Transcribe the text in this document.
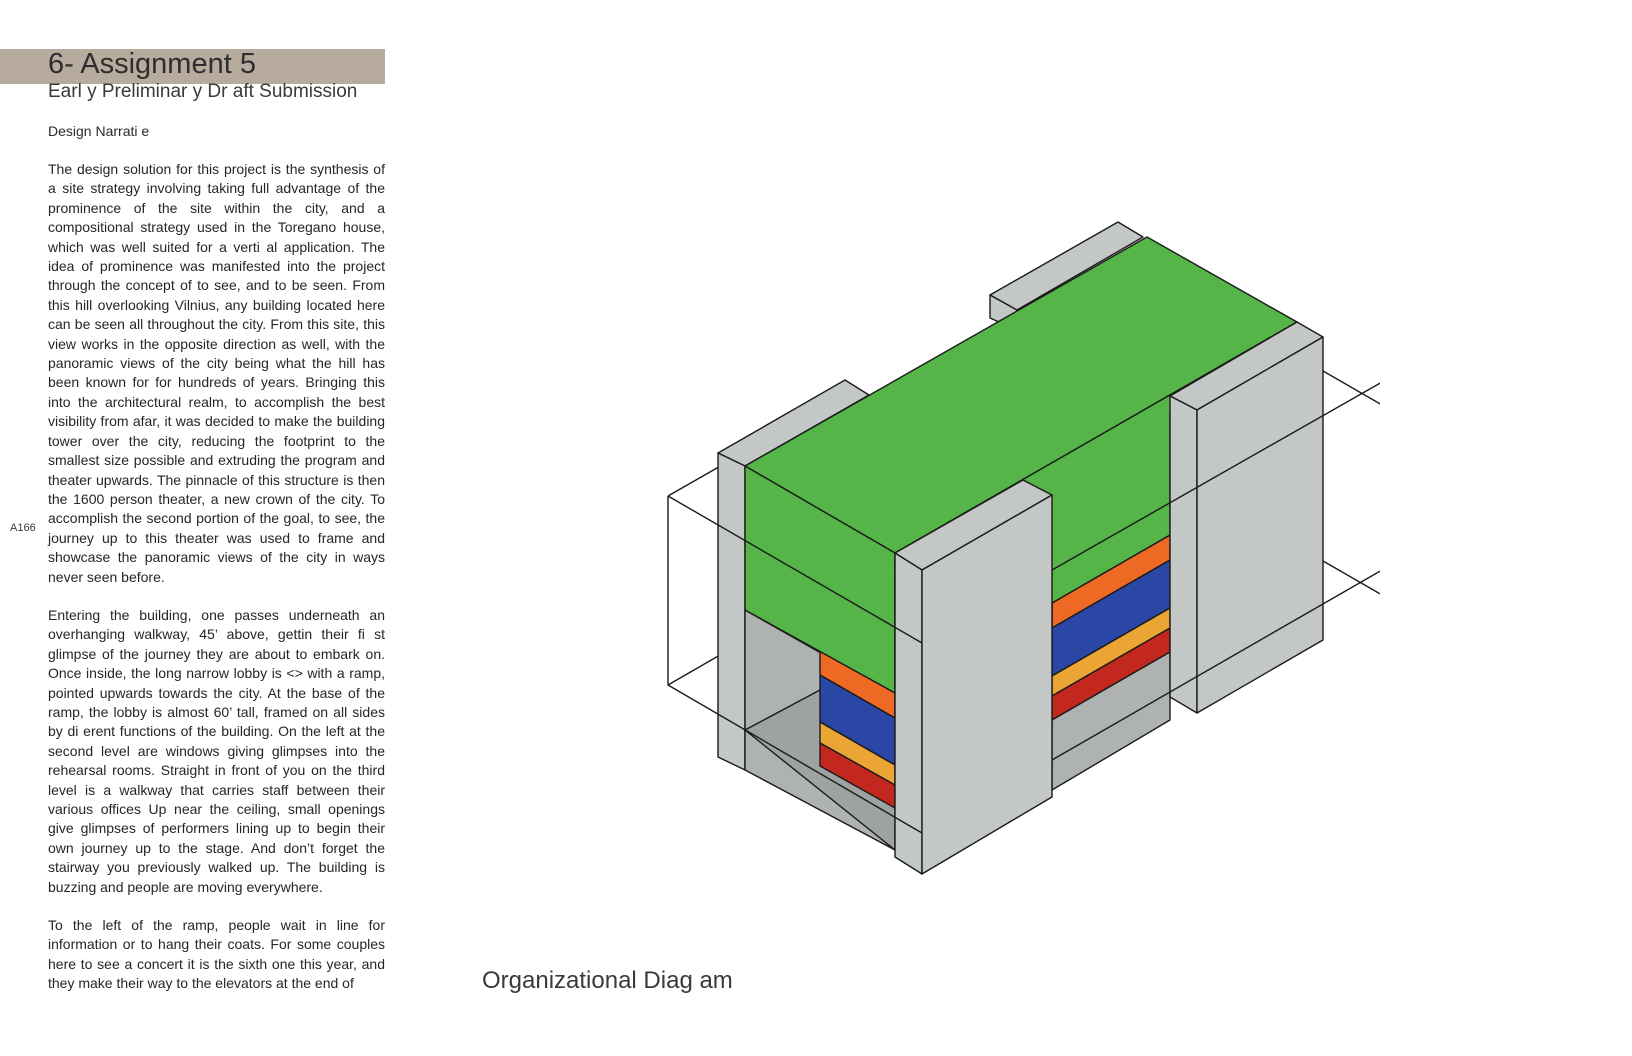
6- Assignment 5
Earl y Preliminar y Dr aft Submission
Design Narrati e

The design solution for this project is the synthesis of a site strategy involving taking full advantage of the prominence of the site within the city, and a compositional strategy used in the Toregano house, which was well suited for a verti al application. The idea of prominence was manifested into the project through the concept of to see, and to be seen. From this hill overlooking Vilnius, any building located here can be seen all throughout the city. From this site, this view works in the opposite direction as well, with the panoramic views of the city being what the hill has been known for for hundreds of years. Bringing this into the architectural realm, to accomplish the best visibility from afar, it was decided to make the building tower over the city, reducing the footprint to the smallest size possible and extruding the program and theater upwards. The pinnacle of this structure is then the 1600 person theater, a new crown of the city. To accomplish the second portion of the goal, to see, the journey up to this theater was used to frame and showcase the panoramic views of the city in ways never seen before.

Entering the building, one passes underneath an overhanging walkway, 45’ above, gettin their fi st glimpse of the journey they are about to embark on. Once inside, the long narrow lobby is <> with a ramp, pointed upwards towards the city. At the base of the ramp, the lobby is almost 60’ tall, framed on all sides by di erent functions of the building. On the left at the second level are windows giving glimpses into the rehearsal rooms. Straight in front of you on the third level is a walkway that carries staff between their various offices Up near the ceiling, small openings give glimpses of performers lining up to begin their own journey up to the stage. And don’t forget the stairway you previously walked up. The building is buzzing and people are moving everywhere.

To the left of the ramp, people wait in line for information or to hang their coats. For some couples here to see a concert it is the sixth one this year, and they make their way to the elevators at the end of

A166
Organizational Diag am
